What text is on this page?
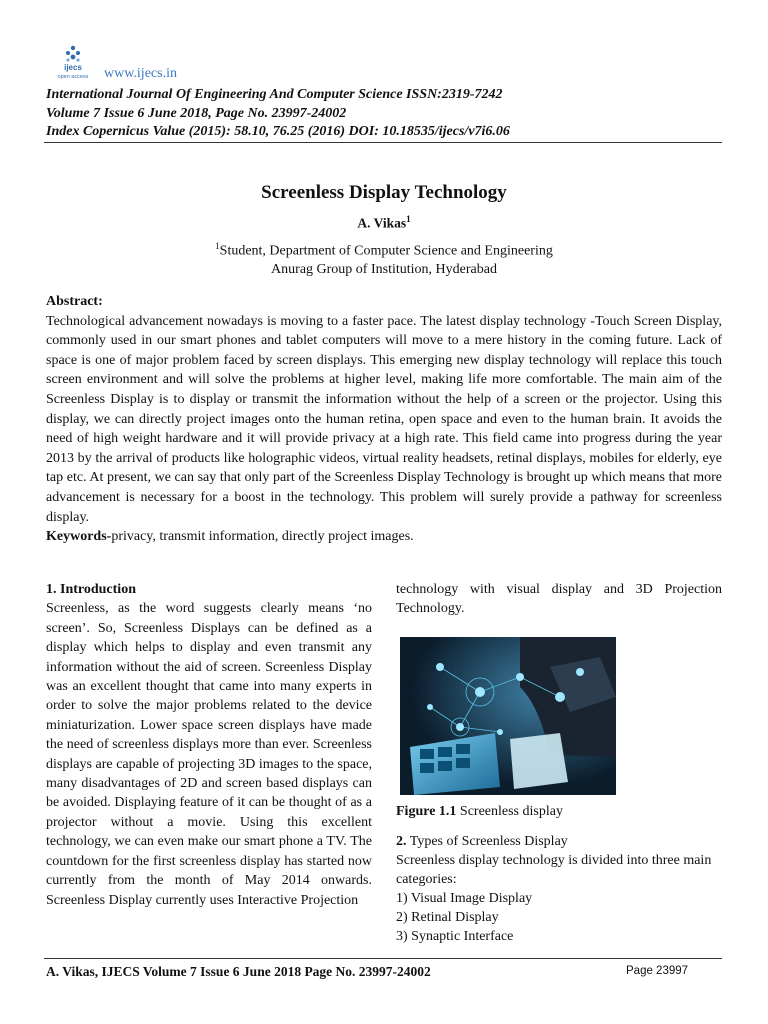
ijecs
open access www.ijecs.in
International Journal Of Engineering And Computer Science ISSN:2319-7242
Volume 7 Issue 6 June 2018, Page No. 23997-24002
Index Copernicus Value (2015): 58.10, 76.25 (2016) DOI: 10.18535/ijecs/v7i6.06
Screenless Display Technology
A. Vikas$^1$
$^1$Student, Department of Computer Science and Engineering
Anurag Group of Institution, Hyderabad
Abstract:
Technological advancement nowadays is moving to a faster pace. The latest display technology -Touch Screen Display, commonly used in our smart phones and tablet computers will move to a mere history in the coming future. Lack of space is one of major problem faced by screen displays. This emerging new display technology will replace this touch screen environment and will solve the problems at higher level, making life more comfortable. The main aim of the Screenless Display is to display or transmit the information without the help of a screen or the projector. Using this display, we can directly project images onto the human retina, open space and even to the human brain. It avoids the need of high weight hardware and it will provide privacy at a high rate. This field came into progress during the year 2013 by the arrival of products like holographic videos, virtual reality headsets, retinal displays, mobiles for elderly, eye tap etc. At present, we can say that only part of the Screenless Display Technology is brought up which means that more advancement is necessary for a boost in the technology. This problem will surely provide a pathway for screenless display.
Keywords-privacy, transmit information, directly project images.
1. Introduction
Screenless, as the word suggests clearly means ‘no screen’. So, Screenless Displays can be defined as a display which helps to display and even transmit any information without the aid of screen. Screenless Display was an excellent thought that came into many experts in order to solve the major problems related to the device miniaturization. Lower space screen displays have made the need of screenless displays more than ever. Screenless displays are capable of projecting 3D images to the space, many disadvantages of 2D and screen based displays can be avoided. Displaying feature of it can be thought of as a projector without a movie. Using this excellent technology, we can even make our smart phone a TV. The countdown for the first screenless display has started now currently from the month of May 2014 onwards. Screenless Display currently uses Interactive Projection
technology with visual display and 3D Projection Technology.
Figure 1.1 Screenless display
2. Types of Screenless Display
Screenless display technology is divided into three main categories:
1) Visual Image Display
2) Retinal Display
3) Synaptic Interface
A. Vikas, IJECS Volume 7 Issue 6 June 2018 Page No. 23997-24002	Page 23997
